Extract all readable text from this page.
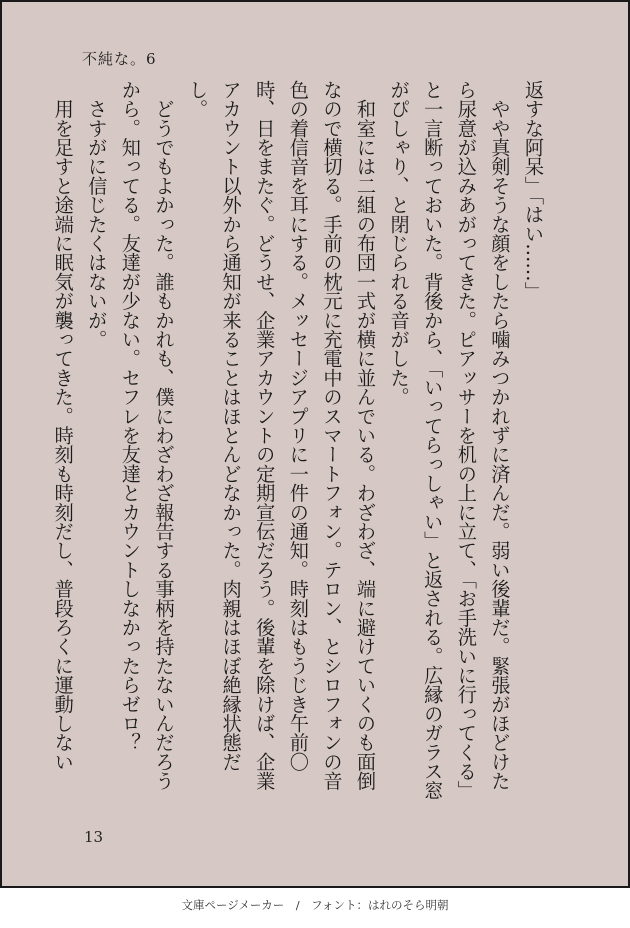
不純な。6

返すな阿呆」「はい……」

　やや真剣そうな顔をしたら噛みつかれずに済んだ。弱い後輩だ。緊張がほどけたら尿意が込みあがってきた。ピアッサーを机の上に立て、「お手洗いに行ってくる」と一言断っておいた。背後から、「いってらっしゃい」と返される。広縁のガラス窓がぴしゃり、と閉じられる音がした。

　和室には二組の布団一式が横に並んでいる。わざわざ、端に避けていくのも面倒なので横切る。手前の枕元に充電中のスマートフォン。テロン、とシロフォンの音色の着信音を耳にする。メッセージアプリに一件の通知。時刻はもうじき午前〇時、日をまたぐ。どうせ、企業アカウントの定期宣伝だろう。後輩を除けば、企業アカウント以外から通知が来ることはほとんどなかった。肉親はほぼ絶縁状態だし。

　どうでもよかった。誰もかれも、僕にわざわざ報告する事柄を持たないんだろうから。知ってる。友達が少ない。セフレを友達とカウントしなかったらゼロ？

　さすがに信じたくはないが。

　用を足すと途端に眠気が襲ってきた。時刻も時刻だし、普段ろくに運動しない

13
文庫ページメーカー　/　フォント：はれのそら明朝
